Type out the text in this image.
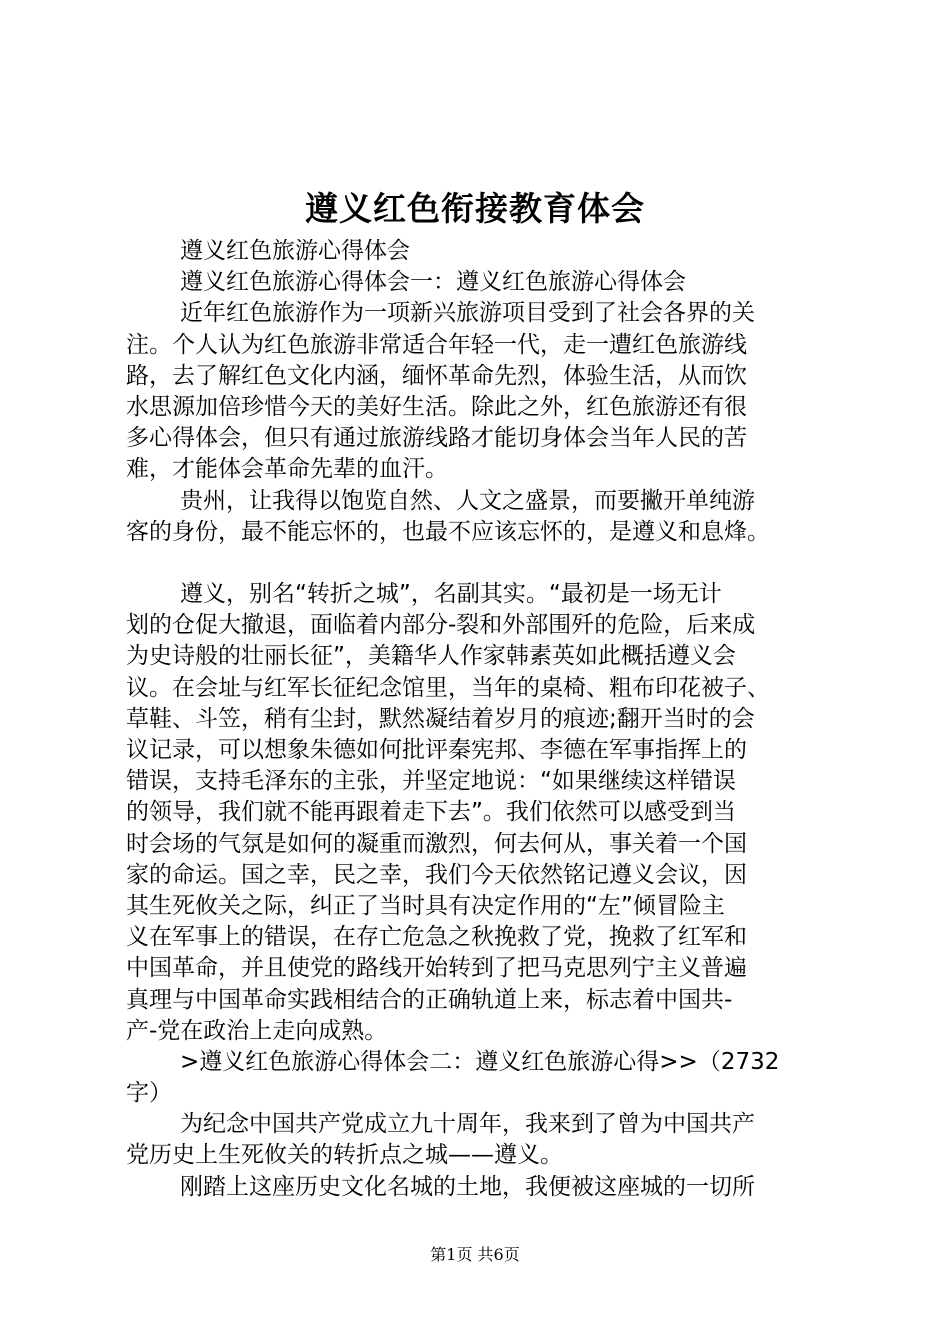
遵义红色衔接教育体会
遵义红色旅游心得体会
遵义红色旅游心得体会一：遵义红色旅游心得体会
近年红色旅游作为一项新兴旅游项目受到了社会各界的关
注。个人认为红色旅游非常适合年轻一代，走一遭红色旅游线
路，去了解红色文化内涵，缅怀革命先烈，体验生活，从而饮
水思源加倍珍惜今天的美好生活。除此之外，红色旅游还有很
多心得体会，但只有通过旅游线路才能切身体会当年人民的苦
难，才能体会革命先辈的血汗。
贵州，让我得以饱览自然、人文之盛景，而要撇开单纯游
客的身份，最不能忘怀的，也最不应该忘怀的，是遵义和息烽。
遵义，别名“转折之城”，名副其实。“最初是一场无计
划的仓促大撤退，面临着内部分-裂和外部围歼的危险，后来成
为史诗般的壮丽长征”，美籍华人作家韩素英如此概括遵义会
议。在会址与红军长征纪念馆里，当年的桌椅、粗布印花被子、
草鞋、斗笠，稍有尘封，默然凝结着岁月的痕迹;翻开当时的会
议记录，可以想象朱德如何批评秦宪邦、李德在军事指挥上的
错误，支持毛泽东的主张，并坚定地说：“如果继续这样错误
的领导，我们就不能再跟着走下去”。我们依然可以感受到当
时会场的气氛是如何的凝重而激烈，何去何从，事关着一个国
家的命运。国之幸，民之幸，我们今天依然铭记遵义会议，因
其生死攸关之际，纠正了当时具有决定作用的“左”倾冒险主
义在军事上的错误，在存亡危急之秋挽救了党，挽救了红军和
中国革命，并且使党的路线开始转到了把马克思列宁主义普遍
真理与中国革命实践相结合的正确轨道上来，标志着中国共-
产-党在政治上走向成熟。
>遵义红色旅游心得体会二：遵义红色旅游心得>>（2732
字）
为纪念中国共产党成立九十周年，我来到了曾为中国共产
党历史上生死攸关的转折点之城——遵义。
刚踏上这座历史文化名城的土地，我便被这座城的一切所
第1页 共6页
